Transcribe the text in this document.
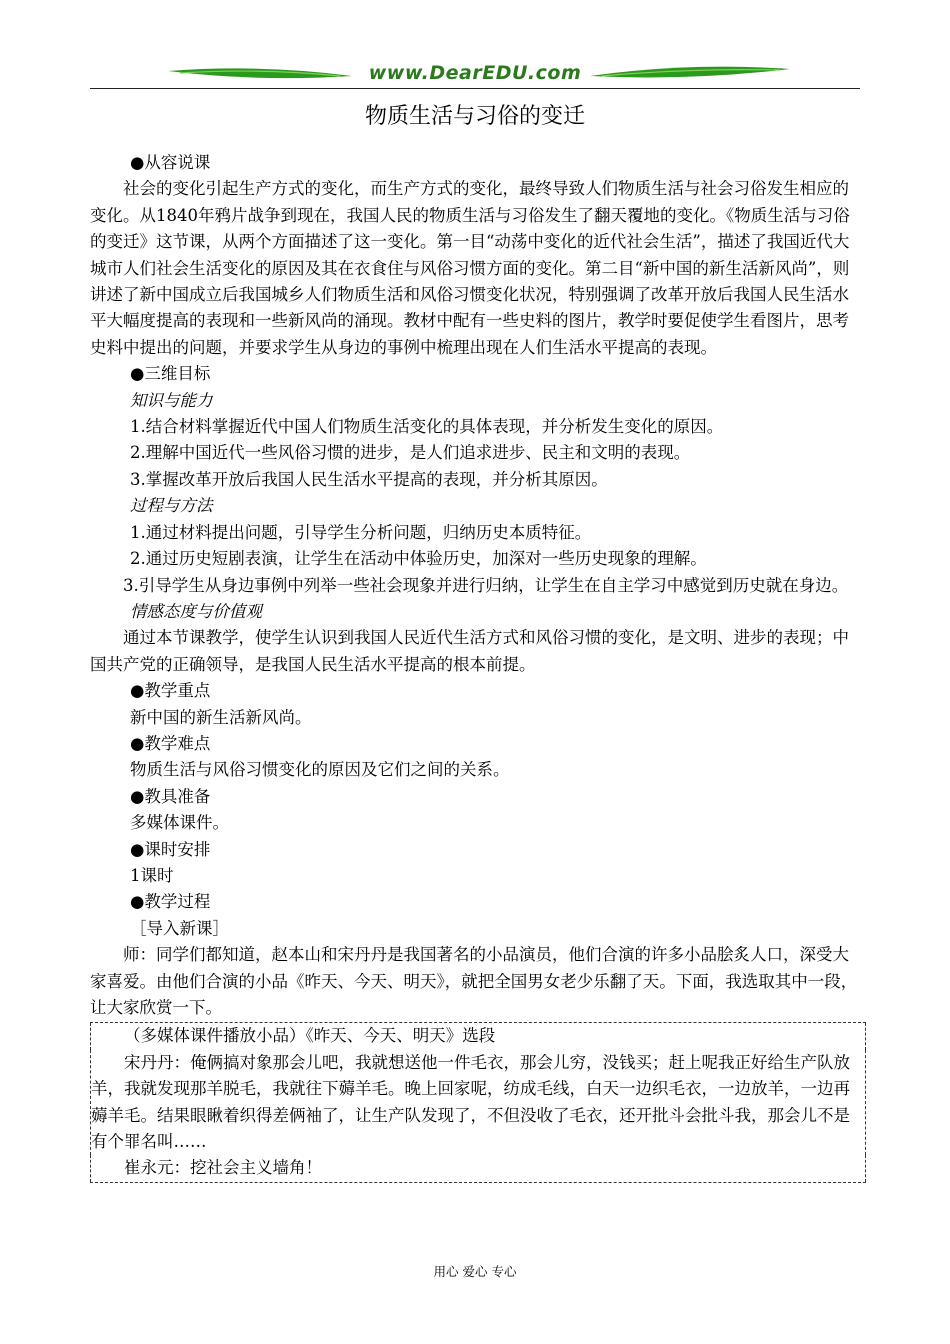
www.DearEDU.com
物质生活与习俗的变迁

●从容说课

社会的变化引起生产方式的变化，而生产方式的变化，最终导致人们物质生活与社会习俗发生相应的变化。从1840年鸦片战争到现在，我国人民的物质生活与习俗发生了翻天覆地的变化。《物质生活与习俗的变迁》这节课，从两个方面描述了这一变化。第一目“动荡中变化的近代社会生活”，描述了我国近代大城市人们社会生活变化的原因及其在衣食住与风俗习惯方面的变化。第二目“新中国的新生活新风尚”，则讲述了新中国成立后我国城乡人们物质生活和风俗习惯变化状况，特别强调了改革开放后我国人民生活水平大幅度提高的表现和一些新风尚的涌现。教材中配有一些史料的图片，教学时要促使学生看图片，思考史料中提出的问题，并要求学生从身边的事例中梳理出现在人们生活水平提高的表现。

●三维目标

知识与能力

1.结合材料掌握近代中国人们物质生活变化的具体表现，并分析发生变化的原因。

2.理解中国近代一些风俗习惯的进步，是人们追求进步、民主和文明的表现。

3.掌握改革开放后我国人民生活水平提高的表现，并分析其原因。

过程与方法

1.通过材料提出问题，引导学生分析问题，归纳历史本质特征。

2.通过历史短剧表演，让学生在活动中体验历史，加深对一些历史现象的理解。

3.引导学生从身边事例中列举一些社会现象并进行归纳，让学生在自主学习中感觉到历史就在身边。

情感态度与价值观

通过本节课教学，使学生认识到我国人民近代生活方式和风俗习惯的变化，是文明、进步的表现；中国共产党的正确领导，是我国人民生活水平提高的根本前提。

●教学重点

新中国的新生活新风尚。

●教学难点

物质生活与风俗习惯变化的原因及它们之间的关系。

●教具准备

多媒体课件。

●课时安排

1课时

●教学过程

［导入新课］

师：同学们都知道，赵本山和宋丹丹是我国著名的小品演员，他们合演的许多小品脍炙人口，深受大家喜爱。由他们合演的小品《昨天、今天、明天》，就把全国男女老少乐翻了天。下面，我选取其中一段，让大家欣赏一下。

（多媒体课件播放小品）《昨天、今天、明天》选段

宋丹丹：俺俩搞对象那会儿吧，我就想送他一件毛衣，那会儿穷，没钱买；赶上呢我正好给生产队放羊，我就发现那羊脱毛，我就往下薅羊毛。晚上回家呢，纺成毛线，白天一边织毛衣，一边放羊，一边再薅羊毛。结果眼瞅着织得差俩袖了，让生产队发现了，不但没收了毛衣，还开批斗会批斗我，那会儿不是有个罪名叫……

崔永元：挖社会主义墙角！

用心 爱心 专心
